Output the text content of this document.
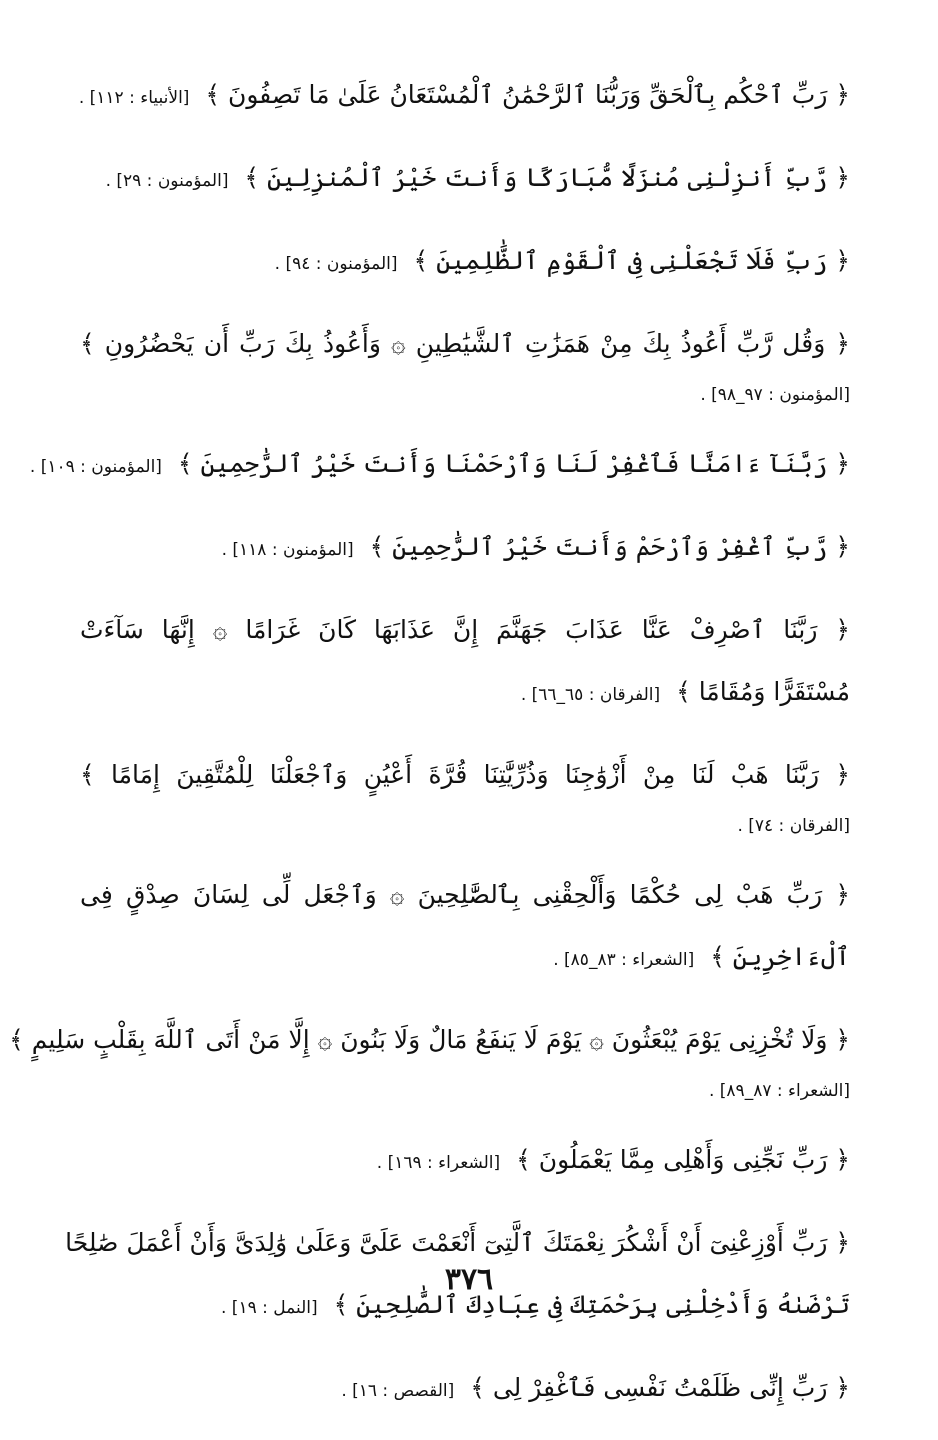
﴿ رَبِّ ٱحْكُم بِٱلْحَقِّ وَرَبُّنَا ٱلرَّحْمَٰنُ ٱلْمُسْتَعَانُ عَلَىٰ مَا تَصِفُونَ ﴾ [الأنبياء : ١١٢] .
﴿ رَّبِّ أَنزِلْنِى مُنزَلًا مُّبَارَكًا وَأَنتَ خَيْرُ ٱلْمُنزِلِينَ ﴾ [المؤمنون : ٢٩] .
﴿ رَبِّ فَلَا تَجْعَلْنِى فِى ٱلْقَوْمِ ٱلظَّٰلِمِينَ ﴾ [المؤمنون : ٩٤] .
﴿ وَقُل رَّبِّ أَعُوذُ بِكَ مِنْ هَمَزَٰتِ ٱلشَّيَٰطِينِ ۞ وَأَعُوذُ بِكَ رَبِّ أَن يَحْضُرُونِ ﴾
[المؤمنون : ٩٧_٩٨] .
﴿ رَبَّنَآ ءَامَنَّا فَٱغْفِرْ لَنَا وَٱرْحَمْنَا وَأَنتَ خَيْرُ ٱلرَّٰحِمِينَ ﴾ [المؤمنون : ١٠٩] .
﴿ رَّبِّ ٱغْفِرْ وَٱرْحَمْ وَأَنتَ خَيْرُ ٱلرَّٰحِمِينَ ﴾ [المؤمنون : ١١٨] .
﴿ رَبَّنَا ٱصْرِفْ عَنَّا عَذَابَ جَهَنَّمَ إِنَّ عَذَابَهَا كَانَ غَرَامًا ۞ إِنَّهَا سَآءَتْ
مُسْتَقَرًّا وَمُقَامًا ﴾ [الفرقان : ٦٥_٦٦] .
﴿ رَبَّنَا هَبْ لَنَا مِنْ أَزْوَٰجِنَا وَذُرِّيَّٰتِنَا قُرَّةَ أَعْيُنٍ وَٱجْعَلْنَا لِلْمُتَّقِينَ إِمَامًا ﴾
[الفرقان : ٧٤] .
﴿ رَبِّ هَبْ لِى حُكْمًا وَأَلْحِقْنِى بِٱلصَّٰلِحِينَ ۞ وَٱجْعَل لِّى لِسَانَ صِدْقٍ فِى
ٱلْءَاخِرِينَ ﴾ [الشعراء : ٨٣_٨٥] .
﴿ وَلَا تُخْزِنِى يَوْمَ يُبْعَثُونَ ۞ يَوْمَ لَا يَنفَعُ مَالٌ وَلَا بَنُونَ ۞ إِلَّا مَنْ أَتَى ٱللَّهَ بِقَلْبٍ سَلِيمٍ ﴾
[الشعراء : ٨٧_٨٩] .
﴿ رَبِّ نَجِّنِى وَأَهْلِى مِمَّا يَعْمَلُونَ ﴾ [الشعراء : ١٦٩] .
﴿ رَبِّ أَوْزِعْنِىٓ أَنْ أَشْكُرَ نِعْمَتَكَ ٱلَّتِىٓ أَنْعَمْتَ عَلَىَّ وَعَلَىٰ وَٰلِدَىَّ وَأَنْ أَعْمَلَ صَٰلِحًا
تَرْضَىٰهُ وَأَدْخِلْنِى بِرَحْمَتِكَ فِى عِبَادِكَ ٱلصَّٰلِحِينَ ﴾ [النمل : ١٩] .
﴿ رَبِّ إِنِّى ظَلَمْتُ نَفْسِى فَٱغْفِرْ لِى ﴾ [القصص : ١٦] .
٣٧٦
